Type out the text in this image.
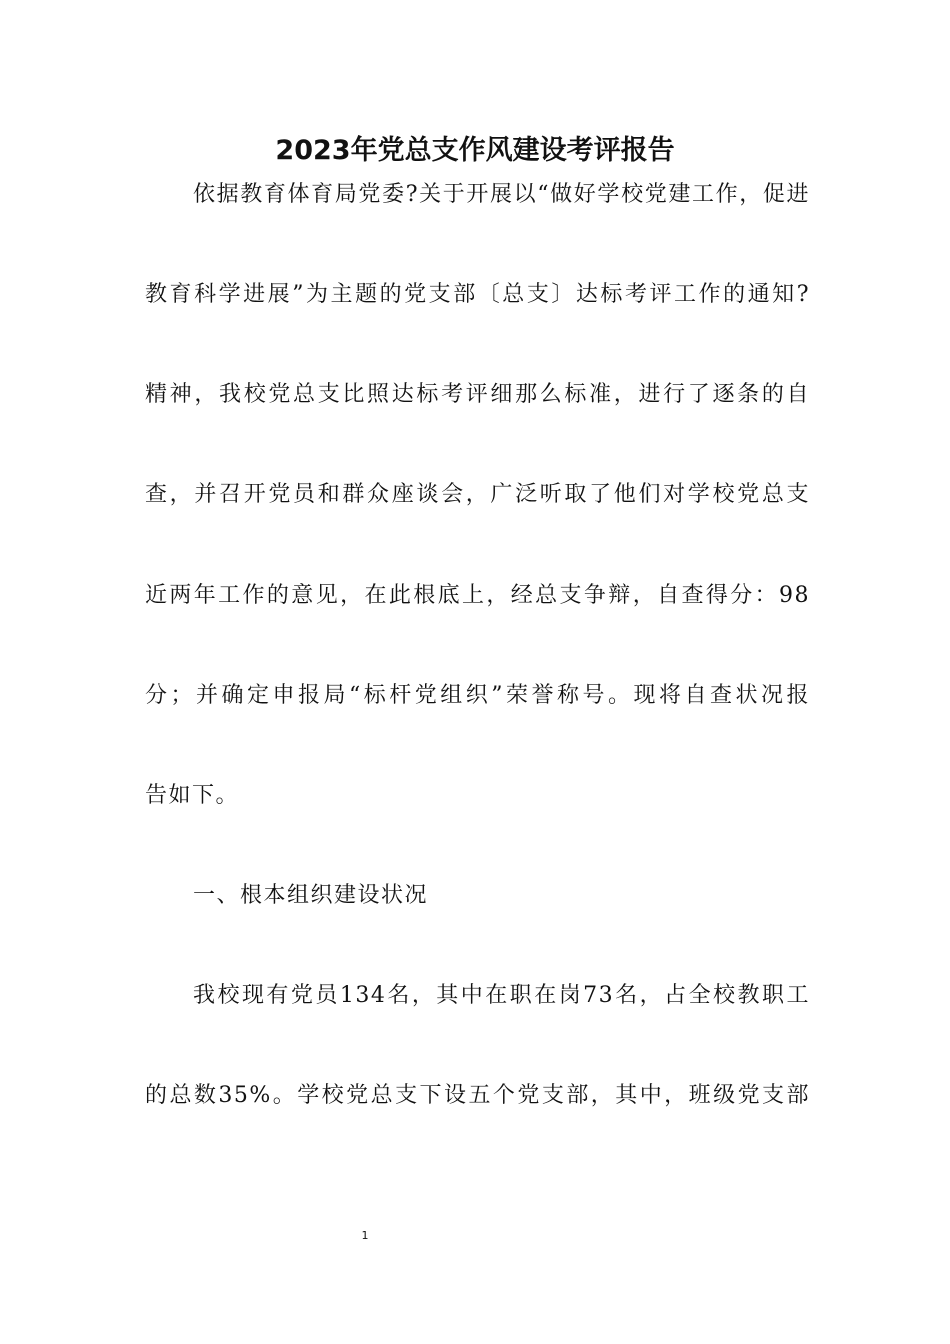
2023年党总支作风建设考评报告
依据教育体育局党委?关于开展以“做好学校党建工作，促进
教育科学进展”为主题的党支部〔总支〕达标考评工作的通知?
精神，我校党总支比照达标考评细那么标准，进行了逐条的自
查，并召开党员和群众座谈会，广泛听取了他们对学校党总支
近两年工作的意见，在此根底上，经总支争辩，自查得分：98
分；并确定申报局“标杆党组织”荣誉称号。现将自查状况报
告如下。
一、根本组织建设状况
我校现有党员134名，其中在职在岗73名，占全校教职工
的总数35%。学校党总支下设五个党支部，其中，班级党支部
1
